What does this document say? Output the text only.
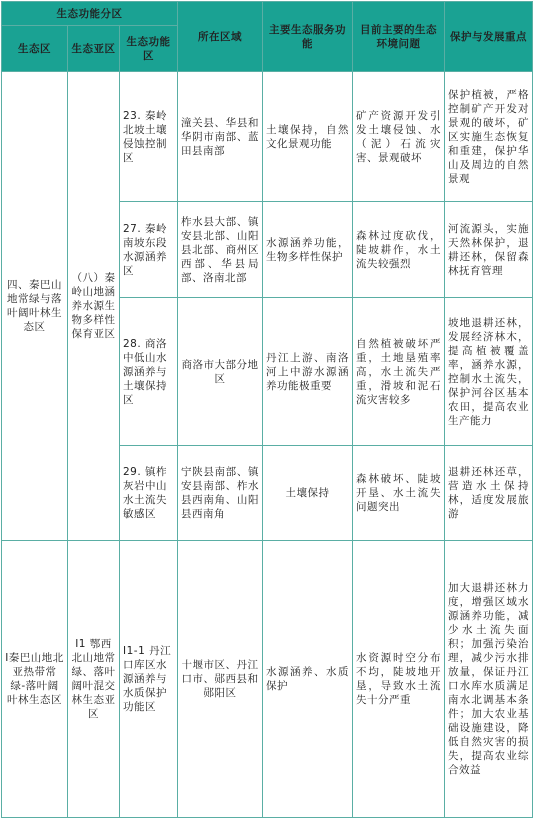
生态功能分区			所在区域	主要生态服务功能	目前主要的生态环境问题	保护与发展重点
生态区	生态亚区	生态功能区				
四、秦巴山地常绿与落叶阔叶林生态区	（八）秦岭山地涵养水源生物多样性保育亚区	23. 秦岭北坡土壤侵蚀控制区	潼关县、华县和华阴市南部、蓝田县南部	土壤保持，自然文化景观功能	矿产资源开发引发土壤侵蚀、水（泥）石流灾害、景观破坏	保护植被，严格控制矿产开发对景观的破坏，矿区实施生态恢复和重建，保护华山及周边的自然景观
		27. 秦岭南坡东段水源涵养区	柞水县大部、镇安县北部、山阳县北部、商州区西部、华县局部、洛南北部	水源涵养功能，生物多样性保护	森林过度砍伐，陡坡耕作，水土流失较强烈	河流源头，实施天然林保护，退耕还林，保留森林抚育管理
		28. 商洛中低山水源涵养与土壤保持区	商洛市大部分地区	丹江上游、南洛河上中游水源涵养功能极重要	自然植被破坏严重，土地垦殖率高，水土流失严重，滑坡和泥石流灾害较多	坡地退耕还林，发展经济林木，提高植被覆盖率，涵养水源，控制水土流失，保护河谷区基本农田，提高农业生产能力
		29. 镇柞灰岩中山水土流失敏感区	宁陕县南部、镇安县南部、柞水县西南角、山阳县西南角	土壤保持	森林破坏、陡坡开垦、水土流失问题突出	退耕还林还草，营造水土保持林，适度发展旅游
Ⅰ秦巴山地北亚热带常绿-落叶阔叶林生态区	Ⅰ1 鄂西北山地常绿、落叶阔叶混交林生态亚区	Ⅰ1-1 丹江口库区水源涵养与水质保护功能区	十堰市区、丹江口市、郧西县和郧阳区	水源涵养、水质保护	水资源时空分布不均，陡坡地开垦，导致水土流失十分严重	加大退耕还林力度，增强区域水源涵养功能，减少水土流失面积；加强污染治理，减少污水排放量，保证丹江口水库水质满足南水北调基本条件；加大农业基础设施建设，降低自然灾害的损失，提高农业综合效益
